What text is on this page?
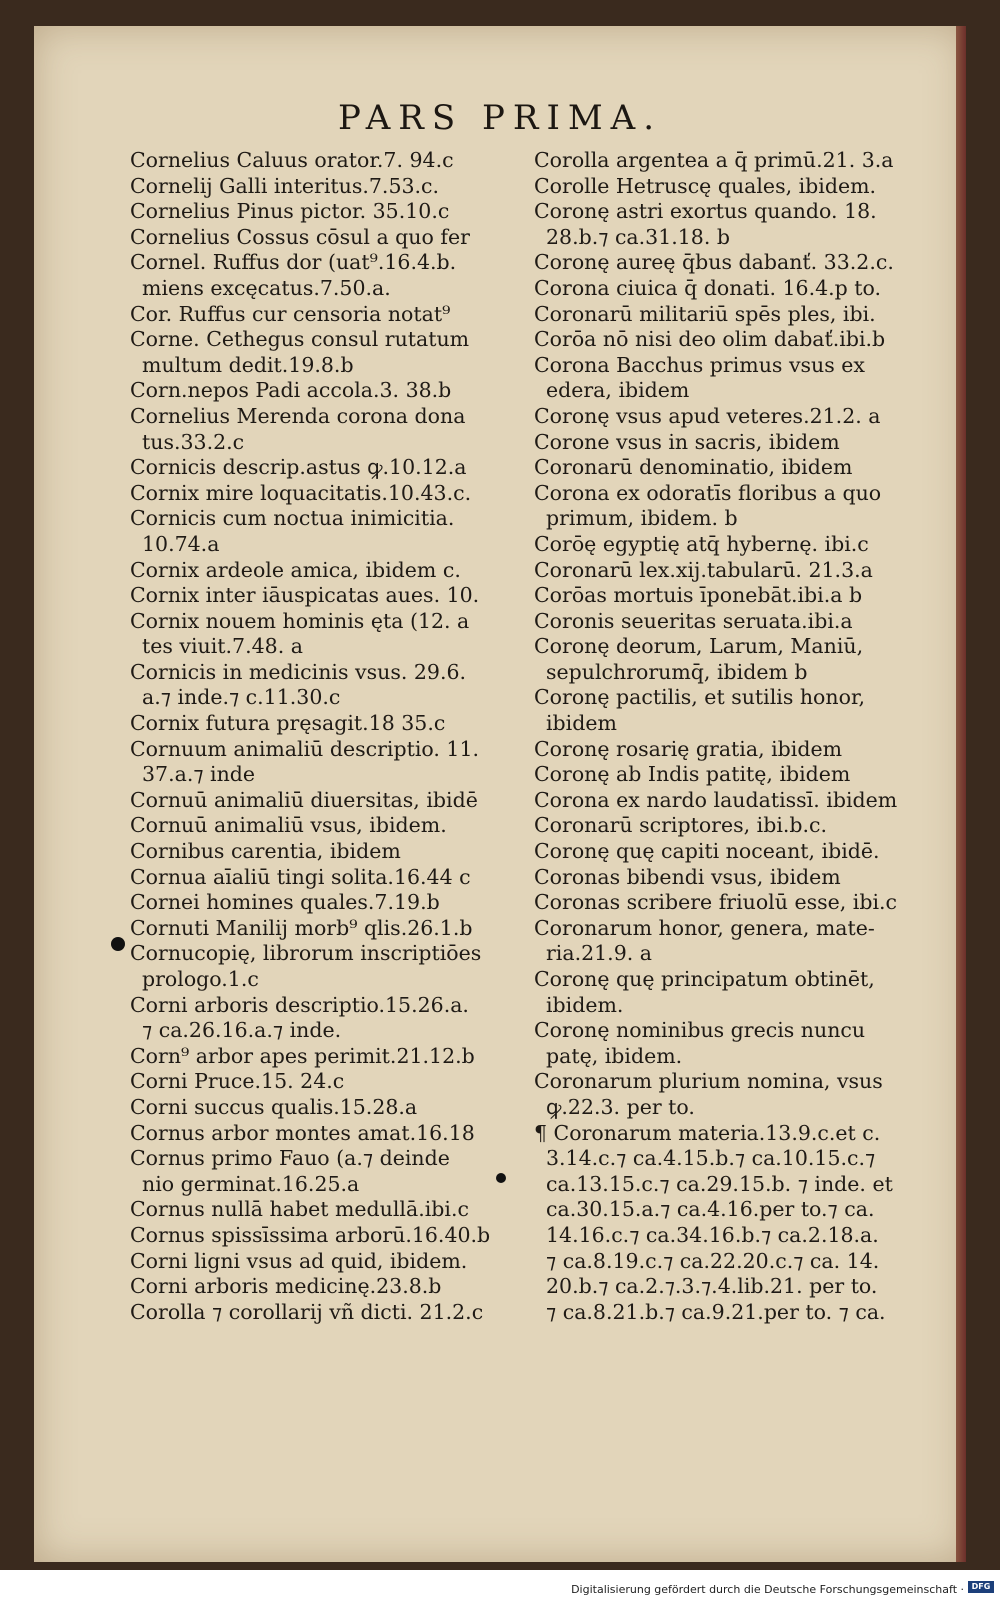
PARS PRIMA.
Cornelius Caluus orator.7. 94.c
Cornelij Galli interitus.7.53.c.
Cornelius Pinus pictor. 35.10.c
Cornelius Cossus cōsul a quo fer
Cornel. Ruffus dor (uat⁹.16.4.b.
miens excęcatus.7.50.a.
Cor. Ruffus cur censoria notat⁹
Corne. Cethegus consul rutatum
multum dedit.19.8.b
Corn.nepos Padi accola.3. 38.b
Cornelius Merenda corona dona
tus.33.2.c
Cornicis descrip.astus ꝙ.10.12.a
Cornix mire loquacitatis.10.43.c.
Cornicis cum noctua inimicitia.
10.74.a
Cornix ardeole amica, ibidem c.
Cornix inter iāuspicatas aues. 10.
Cornix nouem hominis ęta (12. a
tes viuit.7.48. a
Cornicis in medicinis vsus. 29.6.
a.⁊ inde.⁊ c.11.30.c
Cornix futura pręsagit.18 35.c
Cornuum animaliū descriptio. 11.
37.a.⁊ inde
Cornuū animaliū diuersitas, ibidē
Cornuū animaliū vsus, ibidem.
Cornibus carentia, ibidem
Cornua aīaliū tingi solita.16.44 c
Cornei homines quales.7.19.b
Cornuti Manilij morb⁹ qlis.26.1.b
Cornucopię, librorum inscriptiōes
prologo.1.c
Corni arboris descriptio.15.26.a.
⁊ ca.26.16.a.⁊ inde.
Corn⁹ arbor apes perimit.21.12.b
Corni Pruce.15. 24.c
Corni succus qualis.15.28.a
Cornus arbor montes amat.16.18
Cornus primo Fauo (a.⁊ deinde
nio germinat.16.25.a
Cornus nullā habet medullā.ibi.c
Cornus spissīssima arborū.16.40.b
Corni ligni vsus ad quid, ibidem.
Corni arboris medicinę.23.8.b
Corolla ⁊ corollarij vñ dicti. 21.2.c
Corolla argentea a q̄ primū.21. 3.a
Corolle Hetruscę quales, ibidem.
Coronę astri exortus quando. 18.
28.b.⁊ ca.31.18. b
Coronę aureę q̄bus dabanť. 33.2.c.
Corona ciuica q̄ donati. 16.4.p to.
Coronarū militariū spēs ples, ibi.
Corōa nō nisi deo olim dabať.ibi.b
Corona Bacchus primus vsus ex
edera, ibidem
Coronę vsus apud veteres.21.2. a
Corone vsus in sacris, ibidem
Coronarū denominatio, ibidem
Corona ex odoratīs floribus a quo
primum, ibidem. b
Corōę egyptię atq̄ hybernę. ibi.c
Coronarū lex.xij.tabularū. 21.3.a
Corōas mortuis īponebāt.ibi.a b
Coronis seueritas seruata.ibi.a
Coronę deorum, Larum, Maniū,
sepulchrorumq̄, ibidem b
Coronę pactilis, et sutilis honor,
ibidem
Coronę rosarię gratia, ibidem
Coronę ab Indis patitę, ibidem
Corona ex nardo laudatissī. ibidem
Coronarū scriptores, ibi.b.c.
Coronę quę capiti noceant, ibidē.
Coronas bibendi vsus, ibidem
Coronas scribere friuolū esse, ibi.c
Coronarum honor, genera, mate-
ria.21.9. a
Coronę quę principatum obtinēt,
ibidem.
Coronę nominibus grecis nuncu
patę, ibidem.
Coronarum plurium nomina, vsus
ꝙ.22.3. per to.
¶ Coronarum materia.13.9.c.et c.
3.14.c.⁊ ca.4.15.b.⁊ ca.10.15.c.⁊
ca.13.15.c.⁊ ca.29.15.b. ⁊ inde. et
ca.30.15.a.⁊ ca.4.16.per to.⁊ ca.
14.16.c.⁊ ca.34.16.b.⁊ ca.2.18.a.
⁊ ca.8.19.c.⁊ ca.22.20.c.⁊ ca. 14.
20.b.⁊ ca.2.⁊.3.⁊.4.lib.21. per to.
⁊ ca.8.21.b.⁊ ca.9.21.per to. ⁊ ca.
Digitalisierung gefördert durch die Deutsche Forschungsgemeinschaft · DFG
